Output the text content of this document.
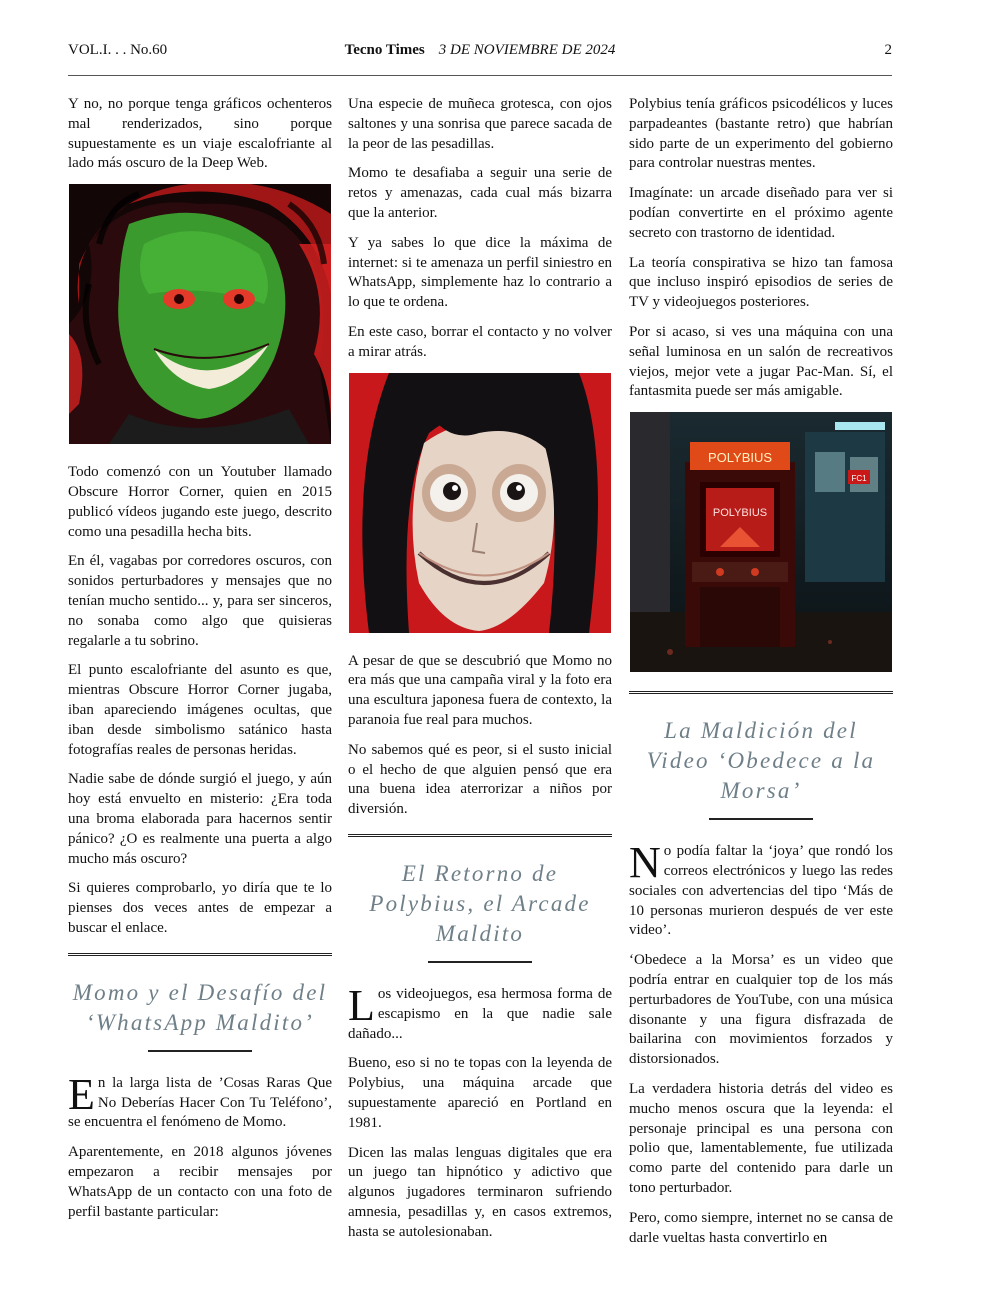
VOL.I. . . No.60	Tecno Times 3 DE NOVIEMBRE DE 2024	2

Y no, no porque tenga gráficos ochenteros mal renderizados, sino porque supuestamente es un viaje escalofriante al lado más oscuro de la Deep Web.

Todo comenzó con un Youtuber llamado Obscure Horror Corner, quien en 2015 publicó vídeos jugando este juego, descrito como una pesadilla hecha bits.

En él, vagabas por corredores oscuros, con sonidos perturbadores y mensajes que no tenían mucho sentido... y, para ser sinceros, no sonaba como algo que quisieras regalarle a tu sobrino.

El punto escalofriante del asunto es que, mientras Obscure Horror Corner jugaba, iban apareciendo imágenes ocultas, que iban desde simbolismo satánico hasta fotografías reales de personas heridas.

Nadie sabe de dónde surgió el juego, y aún hoy está envuelto en misterio: ¿Era toda una broma elaborada para hacernos sentir pánico? ¿O es realmente una puerta a algo mucho más oscuro?

Si quieres comprobarlo, yo diría que te lo pienses dos veces antes de empezar a buscar el enlace.

Momo y el Desafío del ‘WhatsApp Maldito’

En la larga lista de ’Cosas Raras Que No Deberías Hacer Con Tu Teléfono’, se encuentra el fenómeno de Momo.

Aparentemente, en 2018 algunos jóvenes empezaron a recibir mensajes por WhatsApp de un contacto con una foto de perfil bastante particular:

Una especie de muñeca grotesca, con ojos saltones y una sonrisa que parece sacada de la peor de las pesadillas.

Momo te desafiaba a seguir una serie de retos y amenazas, cada cual más bizarra que la anterior.

Y ya sabes lo que dice la máxima de internet: si te amenaza un perfil siniestro en WhatsApp, simplemente haz lo contrario a lo que te ordena.

En este caso, borrar el contacto y no volver a mirar atrás.

A pesar de que se descubrió que Momo no era más que una campaña viral y la foto era una escultura japonesa fuera de contexto, la paranoia fue real para muchos.

No sabemos qué es peor, si el susto inicial o el hecho de que alguien pensó que era una buena idea aterrorizar a niños por diversión.

El Retorno de Polybius, el Arcade Maldito

Los videojuegos, esa hermosa forma de escapismo en la que nadie sale dañado...

Bueno, eso si no te topas con la leyenda de Polybius, una máquina arcade que supuestamente apareció en Portland en 1981.

Dicen las malas lenguas digitales que era un juego tan hipnótico y adictivo que algunos jugadores terminaron sufriendo amnesia, pesadillas y, en casos extremos, hasta se autolesionaban.

Polybius tenía gráficos psicodélicos y luces parpadeantes (bastante retro) que habrían sido parte de un experimento del gobierno para controlar nuestras mentes.

Imagínate: un arcade diseñado para ver si podían convertirte en el próximo agente secreto con trastorno de identidad.

La teoría conspirativa se hizo tan famosa que incluso inspiró episodios de series de TV y videojuegos posteriores.

Por si acaso, si ves una máquina con una señal luminosa en un salón de recreativos viejos, mejor vete a jugar Pac-Man. Sí, el fantasmita puede ser más amigable.

FC1
POLYBIUS
POLYBIUS
La Maldición del Video ‘Obedece a la Morsa’

No podía faltar la ‘joya’ que rondó los correos electrónicos y luego las redes sociales con advertencias del tipo ‘Más de 10 personas murieron después de ver este video’.

‘Obedece a la Morsa’ es un video que podría entrar en cualquier top de los más perturbadores de YouTube, con una música disonante y una figura disfrazada de bailarina con movimientos forzados y distorsionados.

La verdadera historia detrás del video es mucho menos oscura que la leyenda: el personaje principal es una persona con polio que, lamentablemente, fue utilizada como parte del contenido para darle un tono perturbador.

Pero, como siempre, internet no se cansa de darle vueltas hasta convertirlo en
